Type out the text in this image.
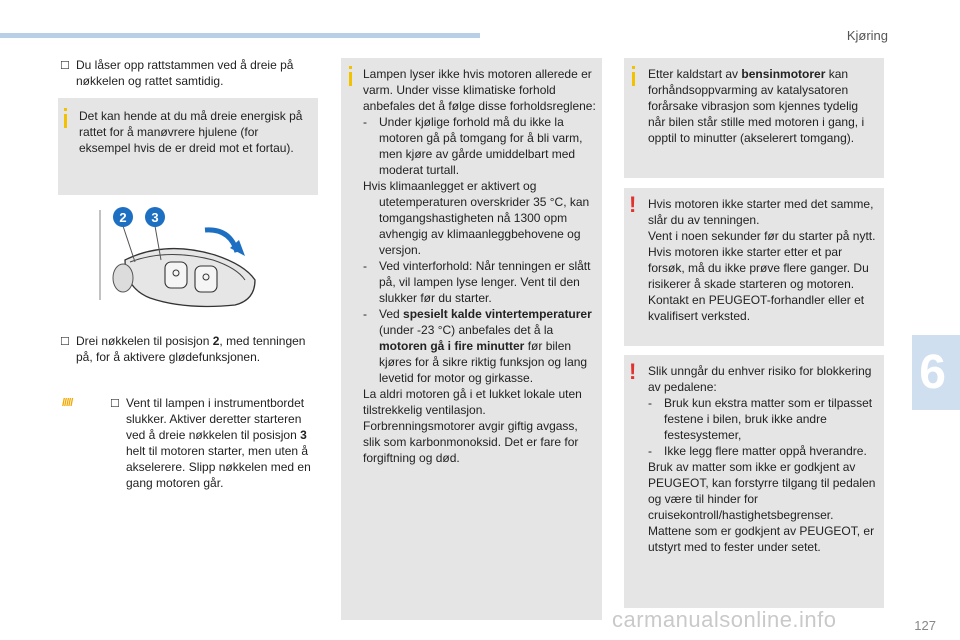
Kjøring
6
☐ Du låser opp rattstammen ved å dreie på nøkkelen og rattet samtidig.
Det kan hende at du må dreie energisk på rattet for å manøvrere hjulene (for eksempel hvis de er dreid mot et fortau).
2 3
☐ Drei nøkkelen til posisjon 2, med tenningen på, for å aktivere glødefunksjonen.
/////	☐ Vent til lampen i instrumentbordet slukker. Aktiver deretter starteren ved å dreie nøkkelen til posisjon 3 helt til motoren starter, men uten å akselerere. Slipp nøkkelen med en gang motoren går.
Lampen lyser ikke hvis motoren allerede er varm. Under visse klimatiske forhold anbefales det å følge disse forholdsreglene:
- Under kjølige forhold må du ikke la motoren gå på tomgang for å bli varm, men kjøre av gårde umiddelbart med moderat turtall.
Hvis klimaanlegget er aktivert og
utetemperaturen overskrider 35 °C, kan tomgangshastigheten nå 1300 opm avhengig av klimaanleggbehovene og versjon.
- Ved vinterforhold: Når tenningen er slått på, vil lampen lyse lenger. Vent til den slukker før du starter.
- Ved spesielt kalde vintertemperaturer (under -23 °C) anbefales det å la motoren gå i fire minutter før bilen kjøres for å sikre riktig funksjon og lang levetid for motor og girkasse.
La aldri motoren gå i et lukket lokale uten tilstrekkelig ventilasjon. Forbrenningsmotorer avgir giftig avgass, slik som karbonmonoksid. Det er fare for forgiftning og død.
Etter kaldstart av bensinmotorer kan forhåndsoppvarming av katalysatoren forårsake vibrasjon som kjennes tydelig når bilen står stille med motoren i gang, i opptil to minutter (akselerert tomgang).
! Hvis motoren ikke starter med det samme, slår du av tenningen.
Vent i noen sekunder før du starter på nytt. Hvis motoren ikke starter etter et par forsøk, må du ikke prøve flere ganger. Du risikerer å skade starteren og motoren. Kontakt en PEUGEOT-forhandler eller et kvalifisert verksted.
! Slik unngår du enhver risiko for blokkering av pedalene:
- Bruk kun ekstra matter som er tilpasset festene i bilen, bruk ikke andre festesystemer,
- Ikke legg flere matter oppå hverandre.
Bruk av matter som ikke er godkjent av PEUGEOT, kan forstyrre tilgang til pedalen og være til hinder for cruisekontroll/hastighetsbegrenser.
Mattene som er godkjent av PEUGEOT, er utstyrt med to fester under setet.
carmanualsonline.info	127
